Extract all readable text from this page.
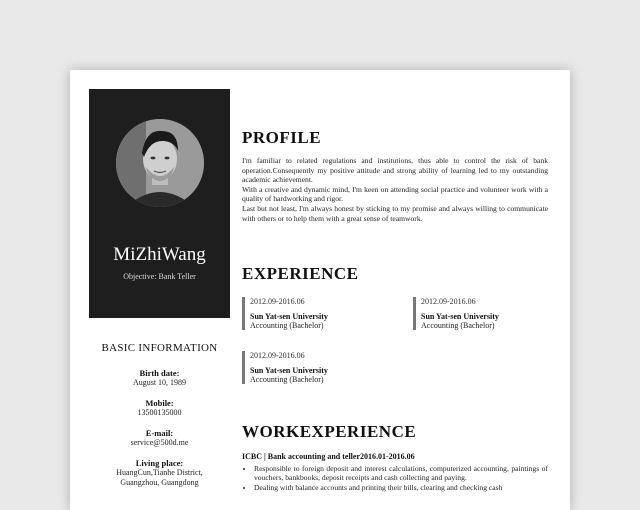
MiZhiWang
Objective: Bank Teller
BASIC INFORMATION
Birth date:
August 10, 1989
Mobile:
13500135000
E-mail:
service@500d.me
Living place:
HuangCun,Tianhe District,
Guangzhou, Guangdong
PROFILE

I'm familiar to related regulations and institutions, thus able to control the risk of bank operation.Consequently my positive attitude and strong ability of learning led to my outstanding academic achievement.

With a creative and dynamic mind, I'm keen on attending social practice and volunteer work with a quality of hardworking and rigor.

Last but not least, I'm always honest by sticking to my promise and always willing to communicate with others or to help them with a great sense of teamwork.

EXPERIENCE
2012.09-2016.06
Sun Yat-sen University
Accounting (Bachelor)
2012.09-2016.06
Sun Yat-sen University
Accounting (Bachelor)
2012.09-2016.06
Sun Yat-sen University
Accounting (Bachelor)
WORKEXPERIENCE
ICBC | Bank accounting and teller2016.01-2016.06
• Responsible to foreign deposit and interest calculations, computerized accounting, paintings of vouchers, bankbooks, deposit receipts and cash collecting and paying.
• Dealing with balance accounts and printing their bills, clearing and checking cash
